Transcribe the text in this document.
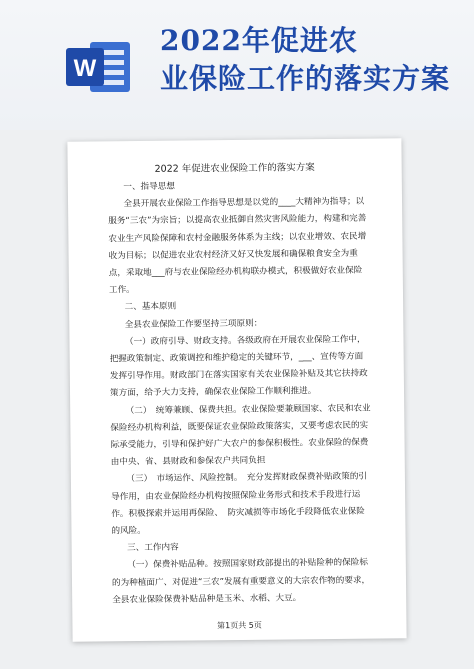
W
2022年促进农
业保险工作的落实方案
2022 年促进农业保险工作的落实方案

一、指导思想

全县开展农业保险工作指导思想是以党的____大精神为指导；以服务“三农”为宗旨；以提高农业抵御自然灾害风险能力，构建和完善农业生产风险保障和农村金融服务体系为主线；以农业增效、农民增收为目标；以促进农业农村经济又好又快发展和确保粮食安全为重点，采取地___府与农业保险经办机构联办模式，积极做好农业保险工作。

二、基本原则

全县农业保险工作要坚持三项原则：

（一）政府引导、财政支持。各级政府在开展农业保险工作中，把握政策制定、政策调控和维护稳定的关键环节，___、宣传等方面发挥引导作用。财政部门在落实国家有关农业保险补贴及其它扶持政策方面，给予大力支持，确保农业保险工作顺利推进。

（二）　统筹兼顾、保费共担。农业保险要兼顾国家、农民和农业保险经办机构利益，既要保证农业保险政策落实，又要考虑农民的实际承受能力，引导和保护好广大农户的参保积极性。农业保险的保费由中央、省、县财政和参保农户共同负担

（三）　市场运作、风险控制。　充分发挥财政保费补贴政策的引导作用，由农业保险经办机构按照保险业务形式和技术手段进行运作。积极探索并运用再保险、　防灾减损等市场化手段降低农业保险的风险。

三、工作内容

（一）保费补贴品种。按照国家财政部提出的补贴险种的保险标的为种植面广、对促进“三农”发展有重要意义的大宗农作物的要求，全县农业保险保费补贴品种是玉米、水稻、大豆。

第1页共 5页
